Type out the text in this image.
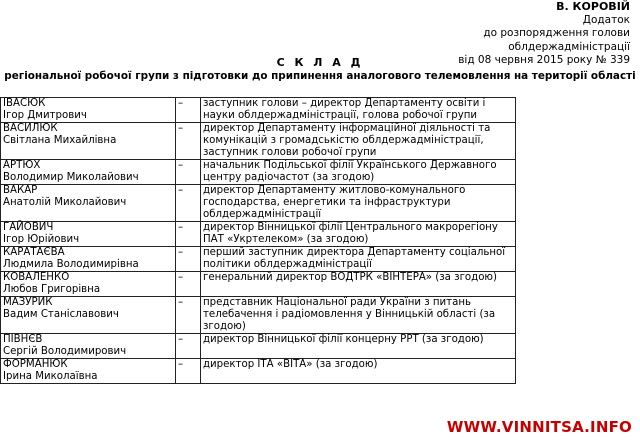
В. КОРОВІЙ
Додаток
до розпорядження голови
облдержадміністрації
від 08 червня 2015 року № 339
С К Л А Д
регіональної робочої групи з підготовки до припинення аналогового телемовлення на території області
ІВАСЮК
Ігор Дмитрович	–	заступник голови – директор Департаменту освіти і науки облдержадміністрації, голова робочої групи

ВАСИЛЮК
Світлана Михайлівна	–	директор Департаменту інформаційної діяльності та комунікацій з громадськістю облдержадміністрації, заступник голови робочої групи

АРТЮХ
Володимир Миколайович	–	начальник Подільської філії Українського Державного центру радіочастот (за згодою)

ВАКАР
Анатолій Миколайович	–	директор Департаменту житлово-комунального господарства, енергетики та інфраструктури облдержадміністрації

ГАЙОВИЧ
Ігор Юрійович	–	директор Вінницької філії Центрального макрорегіону ПАТ «Укртелеком» (за згодою)

КАРАТАЄВА
Людмила Володимирівна	–	перший заступник директора Департаменту соціальної політики облдержадміністрації

КОВАЛЕНКО
Любов Григорівна	–	генеральний директор ВОДТРК «ВІНТЕРА» (за згодою)

МАЗУРИК
Вадим Станіславович	–	представник Національної ради України з питань телебачення і радіомовлення у Вінницькій області (за згодою)

ПІВНЄВ
Сергій Володимирович	–	директор Вінницької філії концерну РРТ (за згодою)

ФОРМАНЮК
Ірина Миколаївна	–	директор ІТА «ВІТА» (за згодою)
WWW.VINNITSA.INFO
